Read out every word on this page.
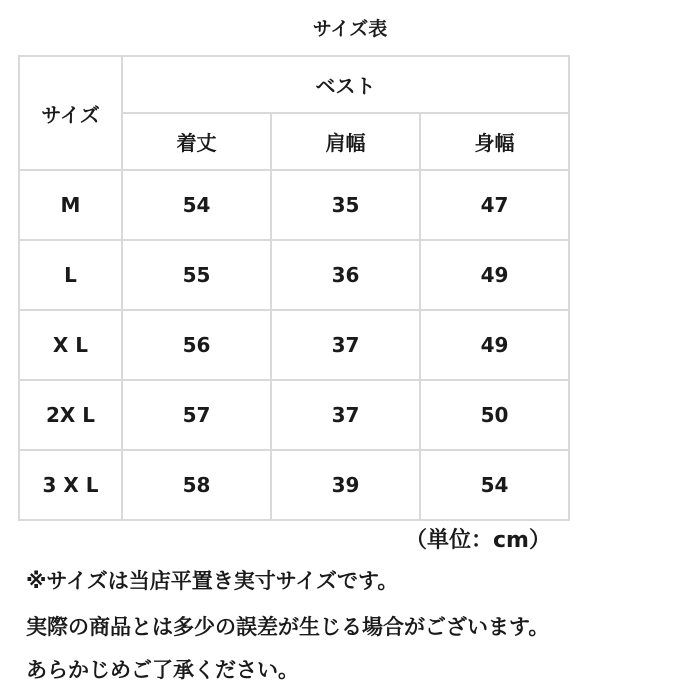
サイズ表
サイズ	ベスト		
	着丈	肩幅	身幅
M	54	35	47
L	55	36	49
X L	56	37	49
2X L	57	37	50
3 X L	58	39	54
（単位：cm）
※サイズは当店平置き実寸サイズです。
実際の商品とは多少の誤差が生じる場合がございます。
あらかじめご了承ください。
